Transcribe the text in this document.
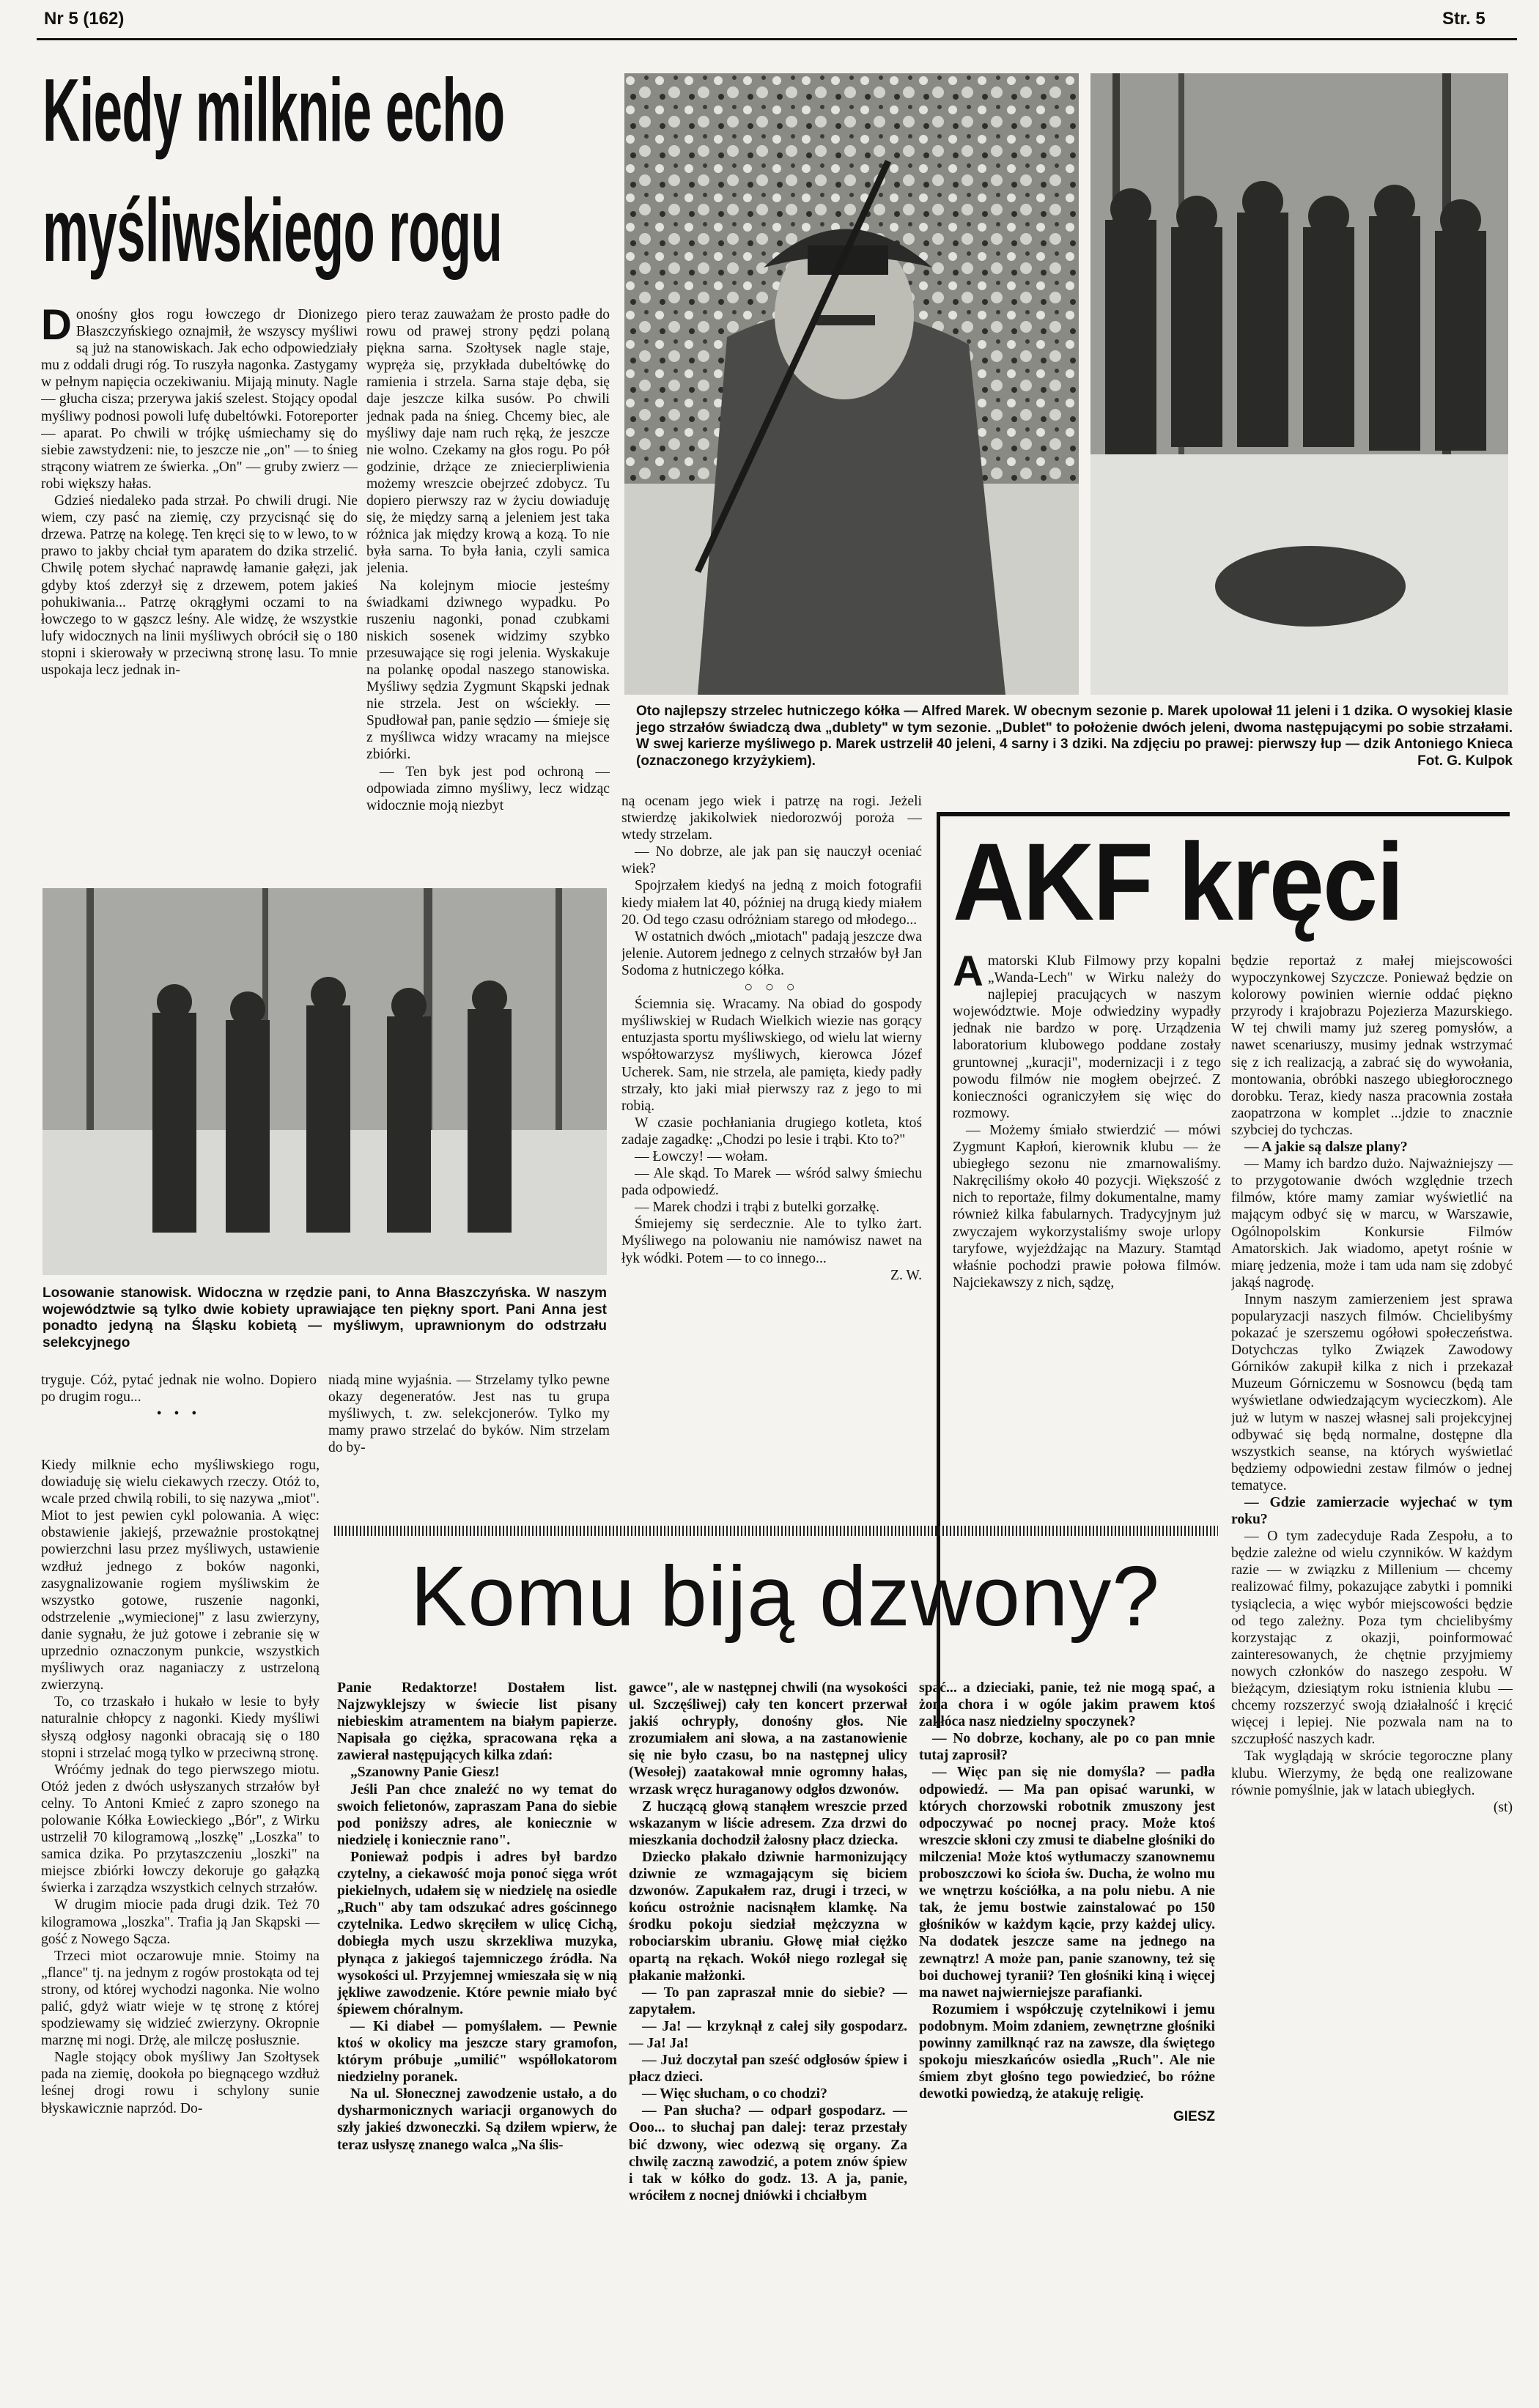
Nr 5 (162)	Str. 5
Kiedy milknie echo
myśliwskiego rogu

Donośny głos rogu łowczego dr Dionizego Błaszczyńskiego oznajmił, że wszyscy myśliwi są już na stanowiskach. Jak echo odpowiedziały mu z oddali drugi róg. To ruszyła nagonka. Zastygamy w pełnym napięcia oczekiwaniu. Mijają minuty. Nagle — głucha cisza; przerywa jakiś szelest. Stojący opodal myśliwy podnosi powoli lufę dubeltówki. Fotoreporter — aparat. Po chwili w trójkę uśmiechamy się do siebie zawstydzeni: nie, to jeszcze nie „on" — to śnieg strącony wiatrem ze świerka. „On" — gruby zwierz — robi większy hałas.

Gdzieś niedaleko pada strzał. Po chwili drugi. Nie wiem, czy pasć na ziemię, czy przycisnąć się do drzewa. Patrzę na kolegę. Ten kręci się to w lewo, to w prawo to jakby chciał tym aparatem do dzika strzelić. Chwilę potem słychać naprawdę łamanie gałęzi, jak gdyby ktoś zderzył się z drzewem, potem jakieś pohukiwania... Patrzę okrągłymi oczami to na łowczego to w gąszcz leśny. Ale widzę, że wszystkie lufy widocznych na linii myśliwych obrócił się o 180 stopni i skierowały w przeciwną stronę lasu. To mnie uspokaja lecz jednak in-

piero teraz zauważam że prosto padłe do rowu od prawej strony pędzi polaną piękna sarna. Szołtysek nagle staje, wypręża się, przykłada dubeltówkę do ramienia i strzela. Sarna staje dęba, się daje jeszcze kilka susów. Po chwili jednak pada na śnieg. Chcemy biec, ale myśliwy daje nam ruch ręką, że jeszcze nie wolno. Czekamy na głos rogu. Po pół godzinie, drżące ze zniecierpliwienia możemy wreszcie obejrzeć zdobycz. Tu dopiero pierwszy raz w życiu dowiaduję się, że między sarną a jeleniem jest taka różnica jak między krową a kozą. To nie była sarna. To była łania, czyli samica jelenia.

Na kolejnym miocie jesteśmy świadkami dziwnego wypadku. Po ruszeniu nagonki, ponad czubkami niskich sosenek widzimy szybko przesuwające się rogi jelenia. Wyskakuje na polankę opodal naszego stanowiska. Myśliwy sędzia Zygmunt Skąpski jednak nie strzela. Jest on wściekły. — Spudłował pan, panie sędzio — śmieje się z myśliwca widzy wracamy na miejsce zbiórki.

— Ten byk jest pod ochroną — odpowiada zimno myśliwy, lecz widząc widocznie moją niezbyt

Oto najlepszy strzelec hutniczego kółka — Alfred Marek. W obecnym sezonie p. Marek upolował 11 jeleni i 1 dzika. O wysokiej klasie jego strzałów świadczą dwa „dublety" w tym sezonie. „Dublet" to położenie dwóch jeleni, dwoma następującymi po sobie strzałami. W swej karierze myśliwego p. Marek ustrzelił 40 jeleni, 4 sarny i 3 dziki. Na zdjęciu po prawej: pierwszy łup — dzik Antoniego Knieca (oznaczonego krzyżykiem).	Fot. G. Kulpok

ną ocenam jego wiek i patrzę na rogi. Jeżeli stwierdzę jakikolwiek niedorozwój poroża — wtedy strzelam.

— No dobrze, ale jak pan się nauczył oceniać wiek?

Spojrzałem kiedyś na jedną z moich fotografii kiedy miałem lat 40, później na drugą kiedy miałem 20. Od tego czasu odróżniam starego od młodego...

W ostatnich dwóch „miotach" padają jeszcze dwa jelenie. Autorem jednego z celnych strzałów był Jan Sodoma z hutniczego kółka.

○ ○ ○

Ściemnia się. Wracamy. Na obiad do gospody myśliwskiej w Rudach Wielkich wiezie nas gorący entuzjasta sportu myśliwskiego, od wielu lat wierny współtowarzysz myśliwych, kierowca Józef Ucherek. Sam, nie strzela, ale pamięta, kiedy padły strzały, kto jaki miał pierwszy raz z jego to mi robią.

W czasie pochłaniania drugiego kotleta, ktoś zadaje zagadkę: „Chodzi po lesie i trąbi. Kto to?"

— Łowczy! — wołam.

— Ale skąd. To Marek — wśród salwy śmiechu pada odpowiedź.

— Marek chodzi i trąbi z butelki gorzałkę.

Śmiejemy się serdecznie. Ale to tylko żart. Myśliwego na polowaniu nie namówisz nawet na łyk wódki. Potem — to co innego...

Z. W.

Losowanie stanowisk. Widoczna w rzędzie pani, to Anna Błaszczyńska. W naszym województwie są tylko dwie kobiety uprawiające ten piękny sport. Pani Anna jest ponadto jedyną na Śląsku kobietą — myśliwym, uprawnionym do odstrzału selekcyjnego

tryguje. Cóż, pytać jednak nie wolno. Dopiero po drugim rogu...

• • •

niadą mine wyjaśnia. — Strzelamy tylko pewne okazy degeneratów. Jest nas tu grupa myśliwych, t. zw. selekcjonerów. Tylko my mamy prawo strzelać do byków. Nim strzelam do by-

Kiedy milknie echo myśliwskiego rogu, dowiaduję się wielu ciekawych rzeczy. Otóż to, wcale przed chwilą robili, to się nazywa „miot". Miot to jest pewien cykl polowania. A więc: obstawienie jakiejś, przeważnie prostokątnej powierzchni lasu przez myśliwych, ustawienie wzdłuż jednego z boków nagonki, zasygnalizowanie rogiem myśliwskim że wszystko gotowe, ruszenie nagonki, odstrzelenie „wymiecionej" z lasu zwierzyny, danie sygnału, że już gotowe i zebranie się w uprzednio oznaczonym punkcie, wszystkich myśliwych oraz naganiaczy z ustrzeloną zwierzyną.

To, co trzaskało i hukało w lesie to były naturalnie chłopcy z nagonki. Kiedy myśliwi słyszą odgłosy nagonki obracają się o 180 stopni i strzelać mogą tylko w przeciwną stronę.

Wróćmy jednak do tego pierwszego miotu. Otóż jeden z dwóch usłyszanych strzałów był celny. To Antoni Kmieć z zapro szonego na polowanie Kółka Łowieckiego „Bór", z Wirku ustrzelił 70 kilogramową „loszkę" „Loszka" to samica dzika. Po przytaszczeniu „loszki" na miejsce zbiórki łowczy dekoruje go gałązką świerka i zarządza wszystkich celnych strzałów.

W drugim miocie pada drugi dzik. Też 70 kilogramowa „loszka". Trafia ją Jan Skąpski — gość z Nowego Sącza.

Trzeci miot oczarowuje mnie. Stoimy na „flance" tj. na jednym z rogów prostokąta od tej strony, od której wychodzi nagonka. Nie wolno palić, gdyż wiatr wieje w tę stronę z której spodziewamy się widzieć zwierzyny. Okropnie marznę mi nogi. Drżę, ale milczę posłusznie.

Nagle stojący obok myśliwy Jan Szołtysek pada na ziemię, dookoła po biegnącego wzdłuż leśnej drogi rowu i schylony sunie błyskawicznie naprzód. Do-

AKF kręci

Amatorski Klub Filmowy przy kopalni „Wanda-Lech" w Wirku należy do najlepiej pracujących w naszym województwie. Moje odwiedziny wypadły jednak nie bardzo w porę. Urządzenia laboratorium klubowego poddane zostały gruntownej „kuracji", modernizacji i z tego powodu filmów nie mogłem obejrzeć. Z konieczności ograniczyłem się więc do rozmowy.

— Możemy śmiało stwierdzić — mówi Zygmunt Kapłoń, kierownik klubu — że ubiegłego sezonu nie zmarnowaliśmy. Nakręciliśmy około 40 pozycji. Większość z nich to reportaże, filmy dokumentalne, mamy również kilka fabularnych. Tradycyjnym już zwyczajem wykorzystaliśmy swoje urlopy taryfowe, wyjeżdżając na Mazury. Stamtąd właśnie pochodzi prawie połowa filmów. Najciekawszy z nich, sądzę,

będzie reportaż z małej miejscowości wypoczynkowej Szyczcze. Ponieważ będzie on kolorowy powinien wiernie oddać piękno przyrody i krajobrazu Pojezierza Mazurskiego. W tej chwili mamy już szereg pomysłów, a nawet scenariuszy, musimy jednak wstrzymać się z ich realizacją, a zabrać się do wywołania, montowania, obróbki naszego ubiegłorocznego dorobku. Teraz, kiedy nasza pracownia została zaopatrzona w komplet ...jdzie to znacznie szybciej do tychczas.

— A jakie są dalsze plany?

— Mamy ich bardzo dużo. Najważniejszy — to przygotowanie dwóch względnie trzech filmów, które mamy zamiar wyświetlić na mającym odbyć się w marcu, w Warszawie, Ogólnopolskim Konkursie Filmów Amatorskich. Jak wiadomo, apetyt rośnie w miarę jedzenia, może i tam uda nam się zdobyć jakąś nagrodę.

Innym naszym zamierzeniem jest sprawa popularyzacji naszych filmów. Chcielibyśmy pokazać je szerszemu ogółowi społeczeństwa. Dotychczas tylko Związek Zawodowy Górników zakupił kilka z nich i przekazał Muzeum Górniczemu w Sosnowcu (będą tam wyświetlane odwiedzającym wycieczkom). Ale już w lutym w naszej własnej sali projekcyjnej odbywać się będą normalne, dostępne dla wszystkich seanse, na których wyświetlać będziemy odpowiedni zestaw filmów o jednej tematyce.

— Gdzie zamierzacie wyjechać w tym roku?

— O tym zadecyduje Rada Zespołu, a to będzie zależne od wielu czynników. W każdym razie — w związku z Millenium — chcemy realizować filmy, pokazujące zabytki i pomniki tysiąclecia, a więc wybór miejscowości będzie od tego zależny. Poza tym chcielibyśmy korzystając z okazji, poinformować zainteresowanych, że chętnie przyjmiemy nowych członków do naszego zespołu. W bieżącym, dziesiątym roku istnienia klubu — chcemy rozszerzyć swoją działalność i kręcić więcej i lepiej. Nie pozwala nam na to szczupłość naszych kadr.

Tak wyglądają w skrócie tegoroczne plany klubu. Wierzymy, że będą one realizowane równie pomyślnie, jak w latach ubiegłych.

(st)

Komu biją dzwony?

Panie Redaktorze! Dostałem list. Najzwyklejszy w świecie list pisany niebieskim atramentem na białym papierze. Napisała go ciężka, spracowana ręka a zawierał następujących kilka zdań:

„Szanowny Panie Giesz!

Jeśli Pan chce znaleźć no wy temat do swoich felietonów, zapraszam Pana do siebie pod poniższy adres, ale koniecznie w niedzielę i koniecznie rano".

Ponieważ podpis i adres był bardzo czytelny, a ciekawość moja ponoć sięga wrót piekielnych, udałem się w niedzielę na osiedle „Ruch" aby tam odszukać adres gościnnego czytelnika. Ledwo skręciłem w ulicę Cichą, dobiegła mych uszu skrzekliwa muzyka, płynąca z jakiegoś tajemniczego źródła. Na wysokości ul. Przyjemnej wmieszała się w nią jękliwe zawodzenie. Które pewnie miało być śpiewem chóralnym.

— Ki diabeł — pomyślałem. — Pewnie ktoś w okolicy ma jeszcze stary gramofon, którym próbuje „umilić" współlokatorom niedzielny poranek.

Na ul. Słonecznej zawodzenie ustało, a do dysharmonicznych wariacji organowych do szły jakieś dzwoneczki. Są dziłem wpierw, że teraz usłyszę znanego walca „Na ślis-

gawce", ale w następnej chwili (na wysokości ul. Szczęśliwej) cały ten koncert przerwał jakiś ochrypły, donośny głos. Nie zrozumiałem ani słowa, a na zastanowienie się nie było czasu, bo na następnej ulicy (Wesołej) zaatakował mnie ogromny hałas, wrzask wręcz huraganowy odgłos dzwonów.

Z huczącą głową stanąłem wreszcie przed wskazanym w liście adresem. Zza drzwi do mieszkania dochodził żałosny płacz dziecka.

Dziecko płakało dziwnie harmonizujący dziwnie ze wzmagającym się biciem dzwonów. Zapukałem raz, drugi i trzeci, w końcu ostrożnie nacisnąłem klamkę. Na środku pokoju siedział mężczyzna w robociarskim ubraniu. Głowę miał ciężko opartą na rękach. Wokół niego rozlegał się płakanie małżonki.

— To pan zapraszał mnie do siebie? — zapytałem.

— Ja! — krzyknął z całej siły gospodarz. — Ja! Ja!

— Już doczytał pan sześć odgłosów śpiew i płacz dzieci.

— Więc słucham, o co chodzi?

— Pan słucha? — odparł gospodarz. — Ooo... to słuchaj pan dalej: teraz przestały bić dzwony, wiec odezwą się organy. Za chwilę zaczną zawodzić, a potem znów śpiew i tak w kółko do godz. 13. A ja, panie, wróciłem z nocnej dniówki i chciałbym

spać... a dzieciaki, panie, też nie mogą spać, a żona chora i w ogóle jakim prawem ktoś zakłóca nasz niedzielny spoczynek?

— No dobrze, kochany, ale po co pan mnie tutaj zaprosił?

— Więc pan się nie domyśla? — padła odpowiedź. — Ma pan opisać warunki, w których chorzowski robotnik zmuszony jest odpoczywać po nocnej pracy. Może ktoś wreszcie skłoni czy zmusi te diabelne głośniki do milczenia! Może ktoś wytłumaczy szanownemu proboszczowi ko ścioła św. Ducha, że wolno mu we wnętrzu kościółka, a na polu niebu. A nie tak, że jemu bostwie zainstalować po 150 głośników w każdym kącie, przy każdej ulicy. Na dodatek jeszcze same na jednego na zewnątrz! A może pan, panie szanowny, też się boi duchowej tyranii? Ten głośniki kiną i więcej ma nawet najwierniejsze parafianki.

Rozumiem i współczuję czytelnikowi i jemu podobnym. Moim zdaniem, zewnętrzne głośniki powinny zamilknąć raz na zawsze, dla świętego spokoju mieszkańców osiedla „Ruch". Ale nie śmiem zbyt głośno tego powiedzieć, bo różne dewotki powiedzą, że atakuję religię.

GIESZ
